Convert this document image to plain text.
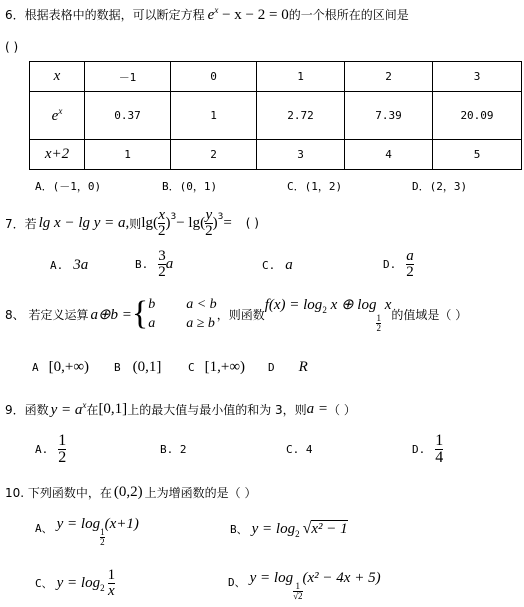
6．根据表格中的数据，可以断定方程 $e^x - x - 2 = 0$的一个根所在的区间是
( )
x	－1	0	1	2	3
$e^x$	0.37	1	2.72	7.39	20.09
x+2	1	2	3	4	5
A．(－1，0)	B．(0，1)	C．(1，2)	D．(2，3)
7．若 lg x − lg y = a, 则 $\lg( \frac{x}{2} )^3 - \lg( \frac{y}{2} )^3$ = ( )
A. 3a	B. $\frac{3}{2}$ a	C. a	D. $\frac{a}{2}$
8、 若定义运算 a⊕b = { b a < b
a a ≥ b
，则函数
$f(x) = \log_2 x$ ⊕ log
$\frac{1}{2}$
x
的值域是（ ）
A [0,+∞) B (0,1] C [1,+∞) D R
9．函数 $y = a^x$ 在 [0,1] 上的最大值与最小值的和为 3，则 a = （ ）
A. $\frac{1}{2}$	B. 2	C. 4	D. $\frac{1}{4}$
10. 下列函数中，在 (0,2) 上为增函数的是（ ）
A、 y = log
$\frac{1}{2}$
(x+1)	B、 $y = \log_2$ √ x² − 1
C、 $y = \log_2 \frac{1}{x}$	D、 y = log
$\frac{1}{√2}$
(x² − 4x + 5)
